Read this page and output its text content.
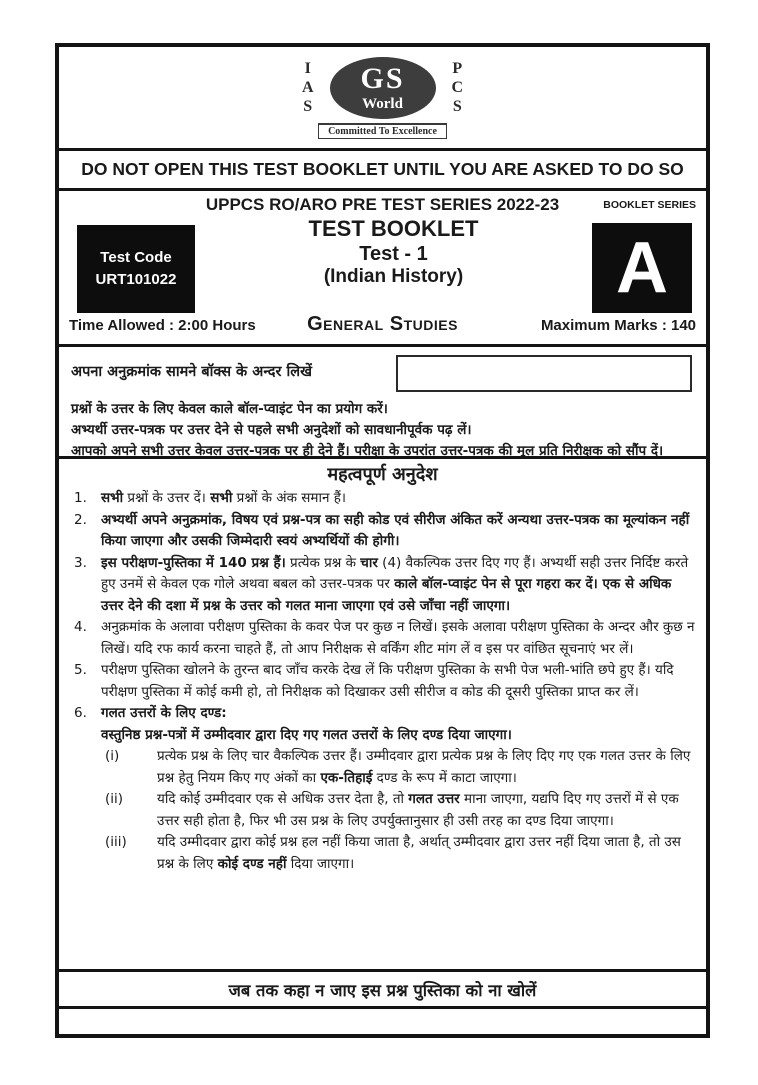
I
A
S
GS
World
P
C
S
Committed To Excellence
DO NOT OPEN THIS TEST BOOKLET UNTIL YOU ARE ASKED TO DO SO
UPPCS RO/ARO PRE TEST SERIES 2022-23	BOOKLET SERIES
Test Code
URT101022
TEST BOOKLET
Test - 1
(Indian History)	A
Time Allowed : 2:00 Hours	General Studies	Maximum Marks : 140
अपना अनुक्रमांक सामने बॉक्स के अन्दर लिखें
प्रश्नों के उत्तर के लिए केवल काले बॉल-प्वाइंट पेन का प्रयोग करें।
अभ्यर्थी उत्तर-पत्रक पर उत्तर देने से पहले सभी अनुदेशों को सावधानीपूर्वक पढ़ लें।
आपको अपने सभी उत्तर केवल उत्तर-पत्रक पर ही देने हैं। परीक्षा के उपरांत उत्तर-पत्रक की मूल प्रति निरीक्षक को सौंप दें।
महत्वपूर्ण अनुदेश
1.	सभी प्रश्नों के उत्तर दें। सभी प्रश्नों के अंक समान हैं।
2.	अभ्यर्थी अपने अनुक्रमांक, विषय एवं प्रश्न-पत्र का सही कोड एवं सीरीज अंकित करें अन्यथा उत्तर-पत्रक का मूल्यांकन नहीं किया जाएगा और उसकी जिम्मेदारी स्वयं अभ्यर्थियों की होगी।
3.	इस परीक्षण-पुस्तिका में 140 प्रश्न हैं। प्रत्येक प्रश्न के चार (4) वैकल्पिक उत्तर दिए गए हैं। अभ्यर्थी सही उत्तर निर्दिष्ट करते हुए उनमें से केवल एक गोले अथवा बबल को उत्तर-पत्रक पर काले बॉल-प्वाइंट पेन से पूरा गहरा कर दें। एक से अधिक उत्तर देने की दशा में प्रश्न के उत्तर को गलत माना जाएगा एवं उसे जाँचा नहीं जाएगा।
4.	अनुक्रमांक के अलावा परीक्षण पुस्तिका के कवर पेज पर कुछ न लिखें। इसके अलावा परीक्षण पुस्तिका के अन्दर और कुछ न लिखें। यदि रफ कार्य करना चाहते हैं, तो आप निरीक्षक से वर्किंग शीट मांग लें व इस पर वांछित सूचनाएं भर लें।
5.	परीक्षण पुस्तिका खोलने के तुरन्त बाद जाँच करके देख लें कि परीक्षण पुस्तिका के सभी पेज भली-भांति छपे हुए हैं। यदि परीक्षण पुस्तिका में कोई कमी हो, तो निरीक्षक को दिखाकर उसी सीरीज व कोड की दूसरी पुस्तिका प्राप्त कर लें।
6.	गलत उत्तरों के लिए दण्ड:
वस्तुनिष्ठ प्रश्न-पत्रों में उम्मीदवार द्वारा दिए गए गलत उत्तरों के लिए दण्ड दिया जाएगा।
(i)	प्रत्येक प्रश्न के लिए चार वैकल्पिक उत्तर हैं। उम्मीदवार द्वारा प्रत्येक प्रश्न के लिए दिए गए एक गलत उत्तर के लिए प्रश्न हेतु नियम किए गए अंकों का एक-तिहाई दण्ड के रूप में काटा जाएगा।
(ii)	यदि कोई उम्मीदवार एक से अधिक उत्तर देता है, तो गलत उत्तर माना जाएगा, यद्यपि दिए गए उत्तरों में से एक उत्तर सही होता है, फिर भी उस प्रश्न के लिए उपर्युक्तानुसार ही उसी तरह का दण्ड दिया जाएगा।
(iii)	यदि उम्मीदवार द्वारा कोई प्रश्न हल नहीं किया जाता है, अर्थात् उम्मीदवार द्वारा उत्तर नहीं दिया जाता है, तो उस प्रश्न के लिए कोई दण्ड नहीं दिया जाएगा।
जब तक कहा न जाए इस प्रश्न पुस्तिका को ना खोलें
